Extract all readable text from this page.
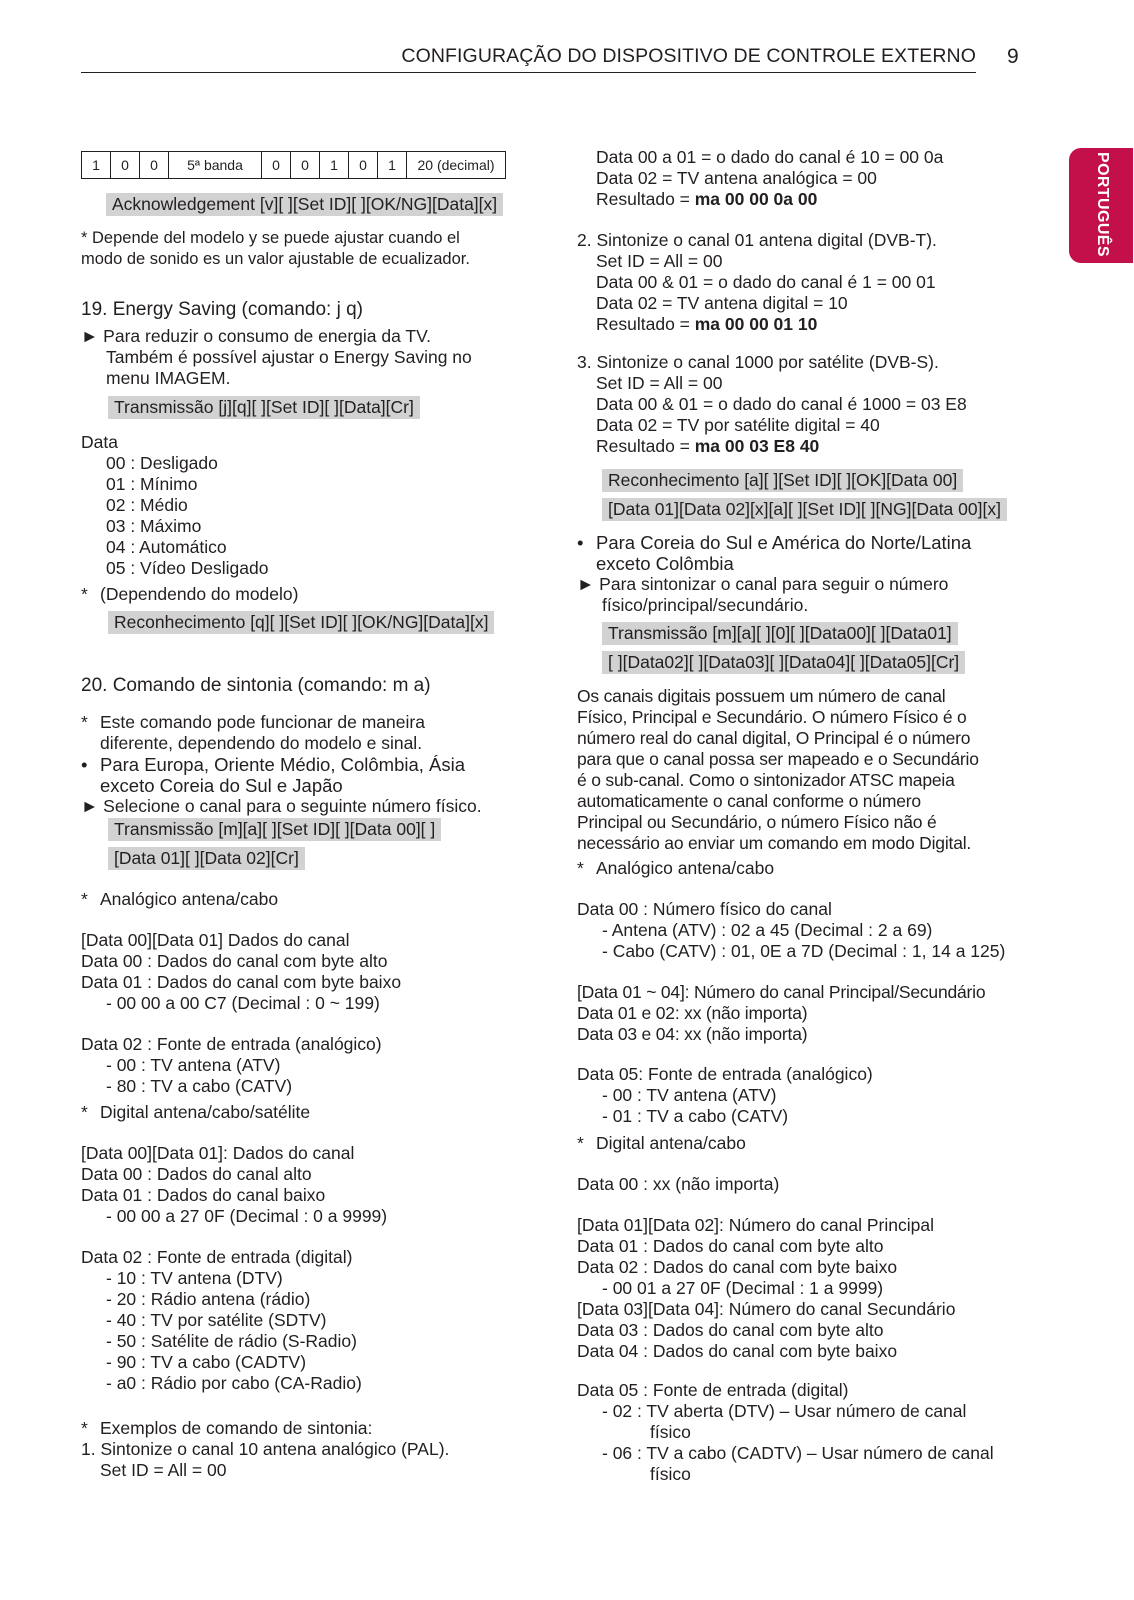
CONFIGURAÇÃO DO DISPOSITIVO DE CONTROLE EXTERNO 9
PORTUGUÊS
1	0	0	5ª banda	0	0	1	0	1	20 (decimal)
Acknowledgement [v][ ][Set ID][ ][OK/NG][Data][x]
* Depende del modelo y se puede ajustar cuando el
modo de sonido es un valor ajustable de ecualizador.
19. Energy Saving (comando: j q)
► Para reduzir o consumo de energia da TV.
Também é possível ajustar o Energy Saving no
menu IMAGEM.
Transmissão [j][q][ ][Set ID][ ][Data][Cr]
Data
00 : Desligado
01 : Mínimo
02 : Médio
03 : Máximo
04 : Automático
05 : Vídeo Desligado
* (Dependendo do modelo)
Reconhecimento [q][ ][Set ID][ ][OK/NG][Data][x]
20. Comando de sintonia (comando: m a)
* Este comando pode funcionar de maneira
diferente, dependendo do modelo e sinal.
• Para Europa, Oriente Médio, Colômbia, Ásia
exceto Coreia do Sul e Japão
► Selecione o canal para o seguinte número físico.
Transmissão [m][a][ ][Set ID][ ][Data 00][ ]
[Data 01][ ][Data 02][Cr]
* Analógico antena/cabo
[Data 00][Data 01] Dados do canal
Data 00 : Dados do canal com byte alto
Data 01 : Dados do canal com byte baixo
- 00 00 a 00 C7 (Decimal : 0 ~ 199)
Data 02 : Fonte de entrada (analógico)
- 00 : TV antena (ATV)
- 80 : TV a cabo (CATV)
* Digital antena/cabo/satélite
[Data 00][Data 01]: Dados do canal
Data 00 : Dados do canal alto
Data 01 : Dados do canal baixo
- 00 00 a 27 0F (Decimal : 0 a 9999)
Data 02 : Fonte de entrada (digital)
- 10 : TV antena (DTV)
- 20 : Rádio antena (rádio)
- 40 : TV por satélite (SDTV)
- 50 : Satélite de rádio (S-Radio)
- 90 : TV a cabo (CADTV)
- a0 : Rádio por cabo (CA-Radio)
* Exemplos de comando de sintonia:
1. Sintonize o canal 10 antena analógico (PAL).
Set ID = All = 00
Data 00 a 01 = o dado do canal é 10 = 00 0a
Data 02 = TV antena analógica = 00
Resultado = ma 00 00 0a 00
2. Sintonize o canal 01 antena digital (DVB-T).
Set ID = All = 00
Data 00 & 01 = o dado do canal é 1 = 00 01
Data 02 = TV antena digital = 10
Resultado = ma 00 00 01 10
3. Sintonize o canal 1000 por satélite (DVB-S).
Set ID = All = 00
Data 00 & 01 = o dado do canal é 1000 = 03 E8
Data 02 = TV por satélite digital = 40
Resultado = ma 00 03 E8 40
Reconhecimento [a][ ][Set ID][ ][OK][Data 00]
[Data 01][Data 02][x][a][ ][Set ID][ ][NG][Data 00][x]
• Para Coreia do Sul e América do Norte/Latina
exceto Colômbia
► Para sintonizar o canal para seguir o número
físico/principal/secundário.
Transmissão [m][a][ ][0][ ][Data00][ ][Data01]
[ ][Data02][ ][Data03][ ][Data04][ ][Data05][Cr]
Os canais digitais possuem um número de canal
Físico, Principal e Secundário. O número Físico é o
número real do canal digital, O Principal é o número
para que o canal possa ser mapeado e o Secundário
é o sub-canal. Como o sintonizador ATSC mapeia
automaticamente o canal conforme o número
Principal ou Secundário, o número Físico não é
necessário ao enviar um comando em modo Digital.
* Analógico antena/cabo
Data 00 : Número físico do canal
- Antena (ATV) : 02 a 45 (Decimal : 2 a 69)
- Cabo (CATV) : 01, 0E a 7D (Decimal : 1, 14 a 125)
[Data 01 ~ 04]: Número do canal Principal/Secundário
Data 01 e 02: xx (não importa)
Data 03 e 04: xx (não importa)
Data 05: Fonte de entrada (analógico)
- 00 : TV antena (ATV)
- 01 : TV a cabo (CATV)
* Digital antena/cabo
Data 00 : xx (não importa)
[Data 01][Data 02]: Número do canal Principal
Data 01 : Dados do canal com byte alto
Data 02 : Dados do canal com byte baixo
- 00 01 a 27 0F (Decimal : 1 a 9999)
[Data 03][Data 04]: Número do canal Secundário
Data 03 : Dados do canal com byte alto
Data 04 : Dados do canal com byte baixo
Data 05 : Fonte de entrada (digital)
- 02 : TV aberta (DTV) – Usar número de canal
físico
- 06 : TV a cabo (CADTV) – Usar número de canal
físico
